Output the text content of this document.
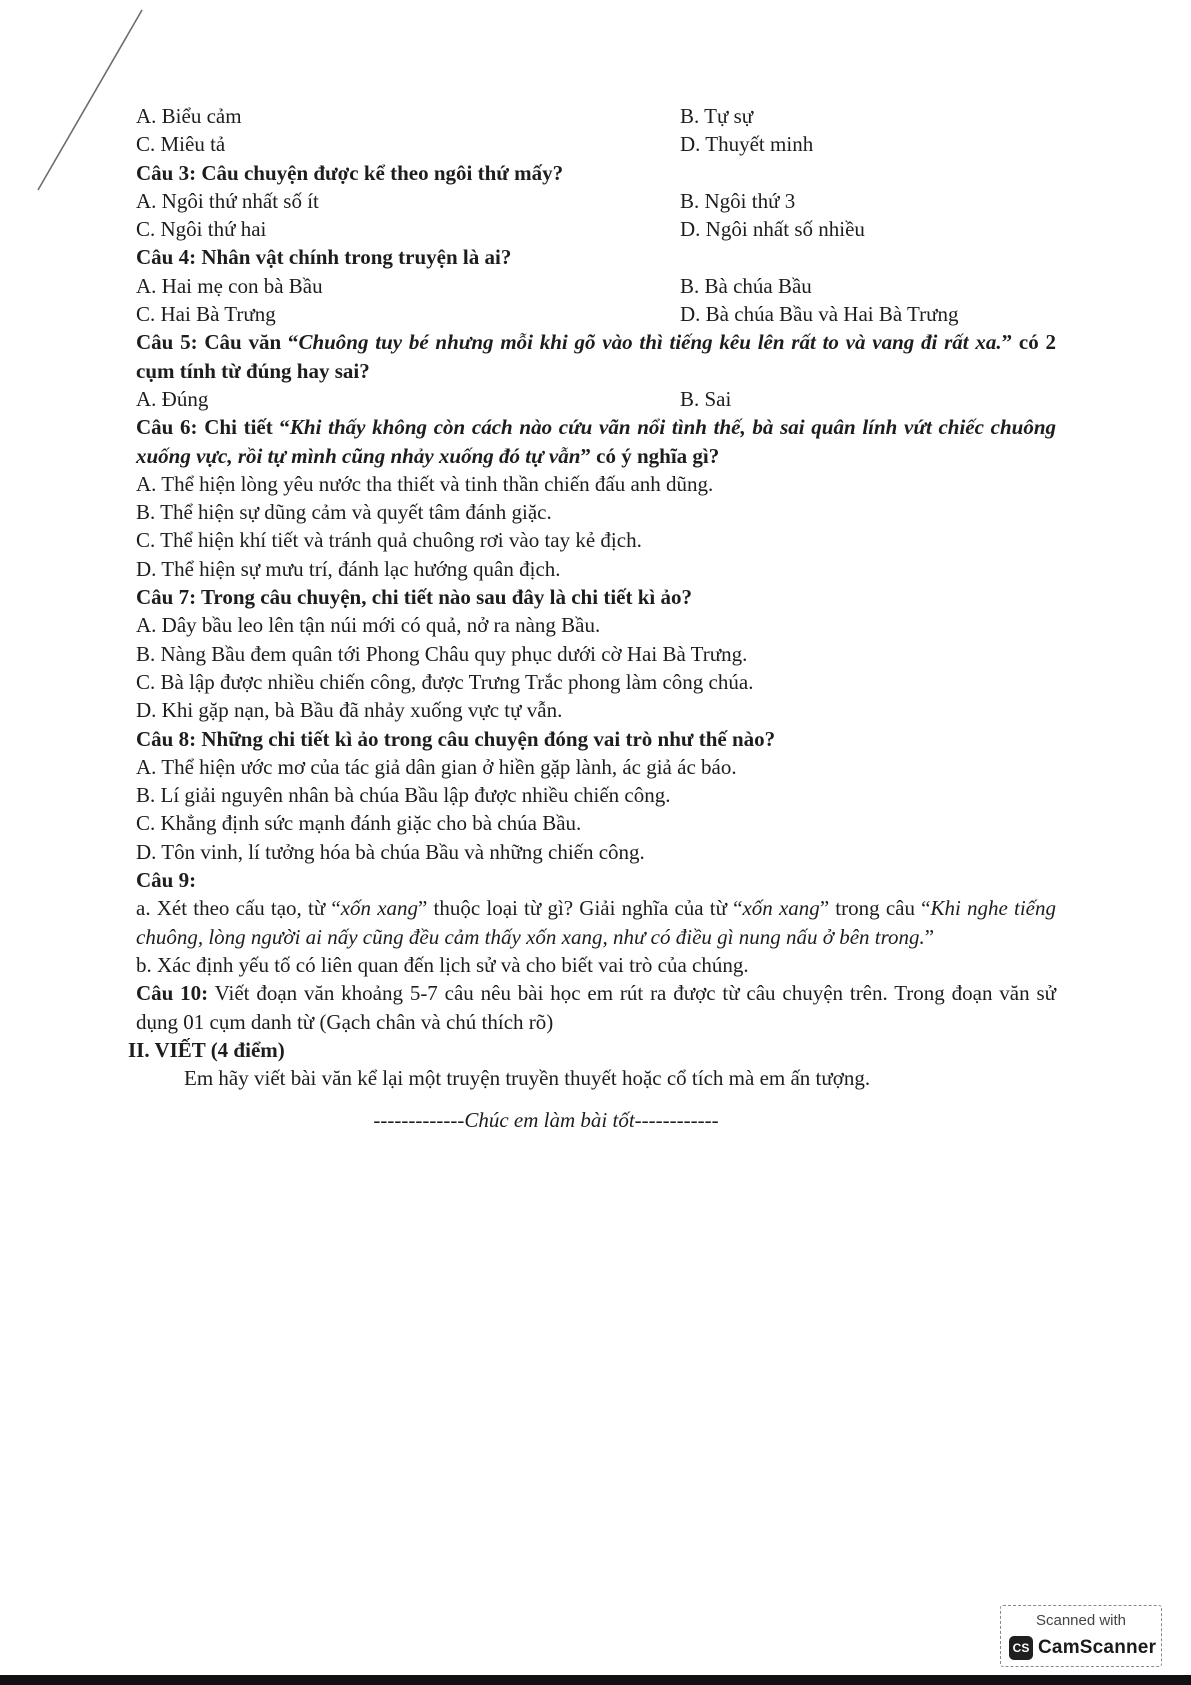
A. Biểu cảm	B. Tự sự
C. Miêu tả	D. Thuyết minh
Câu 3: Câu chuyện được kể theo ngôi thứ mấy?
A. Ngôi thứ nhất số ít	B. Ngôi thứ 3
C. Ngôi thứ hai	D. Ngôi nhất số nhiều
Câu 4: Nhân vật chính trong truyện là ai?
A. Hai mẹ con bà Bầu	B. Bà chúa Bầu
C. Hai Bà Trưng	D. Bà chúa Bầu và Hai Bà Trưng
Câu 5: Câu văn “Chuông tuy bé nhưng mỗi khi gõ vào thì tiếng kêu lên rất to và vang đi rất xa.” có 2 cụm tính từ đúng hay sai?
A. Đúng	B. Sai
Câu 6: Chi tiết “Khi thấy không còn cách nào cứu vãn nổi tình thế, bà sai quân lính vứt chiếc chuông xuống vực, rồi tự mình cũng nhảy xuống đó tự vẫn” có ý nghĩa gì?
A. Thể hiện lòng yêu nước tha thiết và tinh thần chiến đấu anh dũng.
B. Thể hiện sự dũng cảm và quyết tâm đánh giặc.
C. Thể hiện khí tiết và tránh quả chuông rơi vào tay kẻ địch.
D. Thể hiện sự mưu trí, đánh lạc hướng quân địch.
Câu 7: Trong câu chuyện, chi tiết nào sau đây là chi tiết kì ảo?
A. Dây bầu leo lên tận núi mới có quả, nở ra nàng Bầu.
B. Nàng Bầu đem quân tới Phong Châu quy phục dưới cờ Hai Bà Trưng.
C. Bà lập được nhiều chiến công, được Trưng Trắc phong làm công chúa.
D. Khi gặp nạn, bà Bầu đã nhảy xuống vực tự vẫn.
Câu 8: Những chi tiết kì ảo trong câu chuyện đóng vai trò như thế nào?
A. Thể hiện ước mơ của tác giả dân gian ở hiền gặp lành, ác giả ác báo.
B. Lí giải nguyên nhân bà chúa Bầu lập được nhiều chiến công.
C. Khẳng định sức mạnh đánh giặc cho bà chúa Bầu.
D. Tôn vinh, lí tưởng hóa bà chúa Bầu và những chiến công.
Câu 9:
a. Xét theo cấu tạo, từ “xốn xang” thuộc loại từ gì? Giải nghĩa của từ “xốn xang” trong câu “Khi nghe tiếng chuông, lòng người ai nấy cũng đều cảm thấy xốn xang, như có điều gì nung nấu ở bên trong.”
b. Xác định yếu tố có liên quan đến lịch sử và cho biết vai trò của chúng.
Câu 10: Viết đoạn văn khoảng 5-7 câu nêu bài học em rút ra được từ câu chuyện trên. Trong đoạn văn sử dụng 01 cụm danh từ (Gạch chân và chú thích rõ)
II. VIẾT (4 điểm)
Em hãy viết bài văn kể lại một truyện truyền thuyết hoặc cổ tích mà em ấn tượng.
-------------Chúc em làm bài tốt------------
Scanned with
CS CamScanner
